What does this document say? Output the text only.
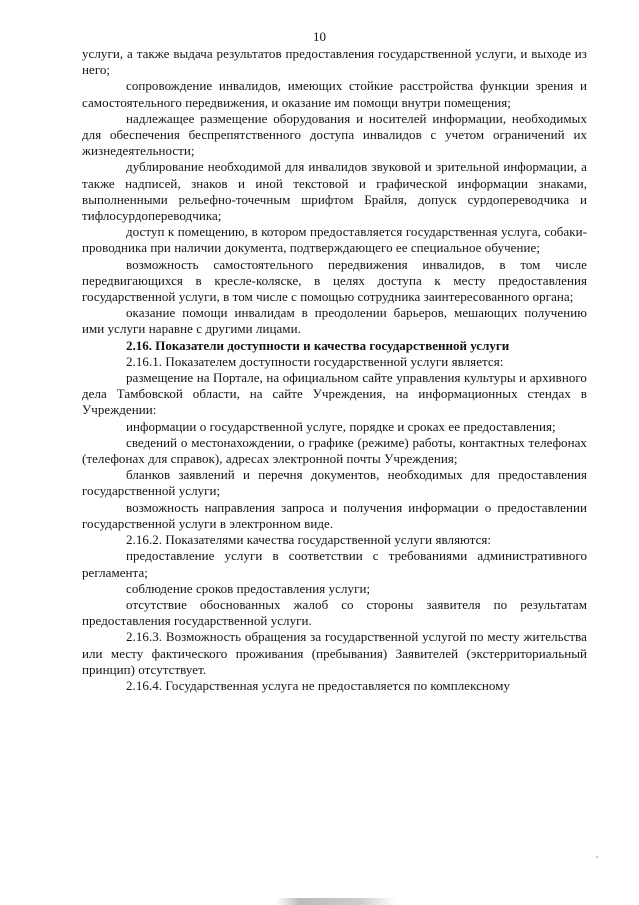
10

услуги, а также выдача результатов предоставления государственной услуги, и выходе из него;

сопровождение инвалидов, имеющих стойкие расстройства функции зрения и самостоятельного передвижения, и оказание им помощи внутри помещения;

надлежащее размещение оборудования и носителей информации, необходимых для обеспечения беспрепятственного доступа инвалидов с учетом ограничений их жизнедеятельности;

дублирование необходимой для инвалидов звуковой и зрительной информации, а также надписей, знаков и иной текстовой и графической информации знаками, выполненными рельефно-точечным шрифтом Брайля, допуск сурдопереводчика и тифлосурдопереводчика;

доступ к помещению, в котором предоставляется государственная услуга, собаки-проводника при наличии документа, подтверждающего ее специальное обучение;

возможность самостоятельного передвижения инвалидов, в том числе передвигающихся в кресле-коляске, в целях доступа к месту предоставления государственной услуги, в том числе с помощью сотрудника заинтересованного органа;

оказание помощи инвалидам в преодолении барьеров, мешающих получению ими услуги наравне с другими лицами.

2.16. Показатели доступности и качества государственной услуги

2.16.1. Показателем доступности государственной услуги является:

размещение на Портале, на официальном сайте управления культуры и архивного дела Тамбовской области, на сайте Учреждения, на информационных стендах в Учреждении:

информации о государственной услуге, порядке и сроках ее предоставления;

сведений о местонахождении, о графике (режиме) работы, контактных телефонах (телефонах для справок), адресах электронной почты Учреждения;

бланков заявлений и перечня документов, необходимых для предоставления государственной услуги;

возможность направления запроса и получения информации о предоставлении государственной услуги в электронном виде.

2.16.2. Показателями качества государственной услуги являются:

предоставление услуги в соответствии с требованиями административного регламента;

соблюдение сроков предоставления услуги;

отсутствие обоснованных жалоб со стороны заявителя по результатам предоставления государственной услуги.

2.16.3. Возможность обращения за государственной услугой по месту жительства или месту фактического проживания (пребывания) Заявителей (экстерриториальный принцип) отсутствует.

2.16.4. Государственная услуга не предоставляется по комплексному
